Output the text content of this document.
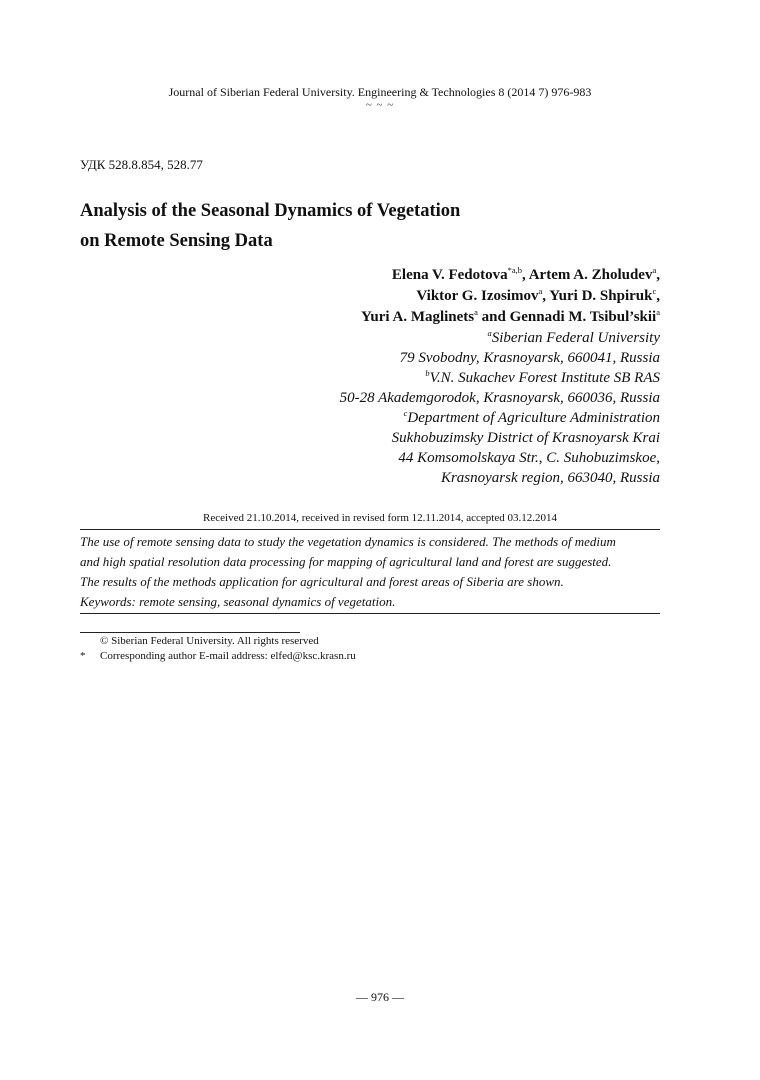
Journal of Siberian Federal University. Engineering & Technologies 8 (2014 7) 976-983
~ ~ ~
УДК 528.8.854, 528.77
Analysis of the Seasonal Dynamics of Vegetation
on Remote Sensing Data
Elena V. Fedotova$^{*a,b}$, Artem A. Zholudev$^a$,
Viktor G. Izosimov$^a$, Yuri D. Shpiruk$^c$,
Yuri A. Maglinets$^a$ and Gennadi M. Tsibul’skii$^a$
$^a$Siberian Federal University
79 Svobodny, Krasnoyarsk, 660041, Russia
$^b$V.N. Sukachev Forest Institute SB RAS
50-28 Akademgorodok, Krasnoyarsk, 660036, Russia
$^c$Department of Agriculture Administration
Sukhobuzimsky District of Krasnoyarsk Krai
44 Komsomolskaya Str., C. Suhobuzimskoe,
Krasnoyarsk region, 663040, Russia
Received 21.10.2014, received in revised form 12.11.2014, accepted 03.12.2014
The use of remote sensing data to study the vegetation dynamics is considered. The methods of medium
and high spatial resolution data processing for mapping of agricultural land and forest are suggested.
The results of the methods application for agricultural and forest areas of Siberia are shown.
Keywords: remote sensing, seasonal dynamics of vegetation.
© Siberian Federal University. All rights reserved
* Corresponding author E-mail address: elfed@ksc.krasn.ru
— 976 —
